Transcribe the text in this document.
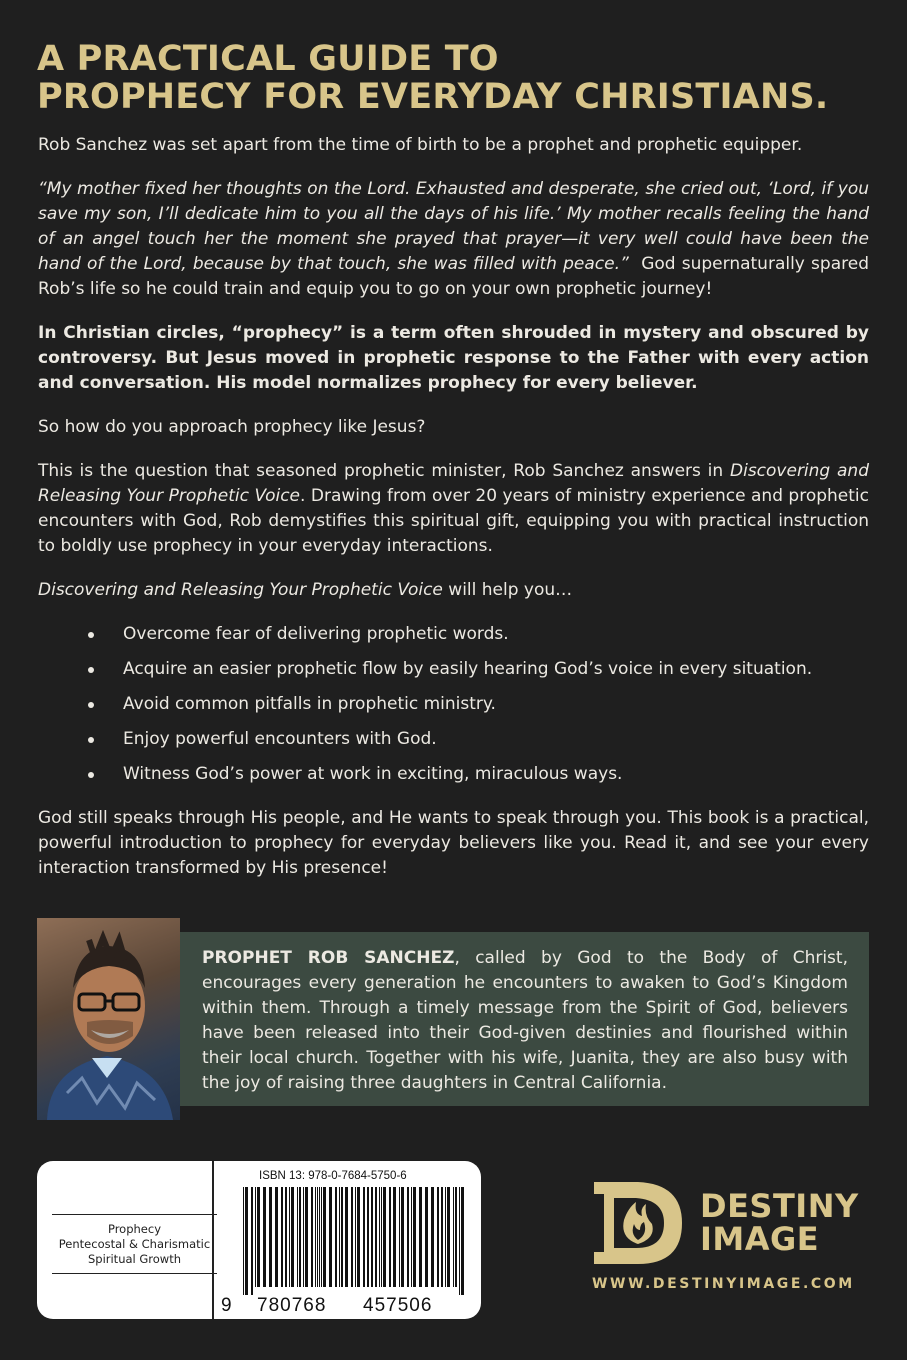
A PRACTICAL GUIDE TO
PROPHECY FOR EVERYDAY CHRISTIANS.

Rob Sanchez was set apart from the time of birth to be a prophet and prophetic equipper.

“My mother fixed her thoughts on the Lord. Exhausted and desperate, she cried out, ‘Lord, if you save my son, I’ll dedicate him to you all the days of his life.’ My mother recalls feeling the hand of an angel touch her the moment she prayed that prayer—it very well could have been the hand of the Lord, because by that touch, she was filled with peace.” God supernaturally spared Rob’s life so he could train and equip you to go on your own prophetic journey!

In Christian circles, “prophecy” is a term often shrouded in mystery and obscured by controversy. But Jesus moved in prophetic response to the Father with every action and conversation. His model normalizes prophecy for every believer.

So how do you approach prophecy like Jesus?

This is the question that seasoned prophetic minister, Rob Sanchez answers in Discovering and Releasing Your Prophetic Voice. Drawing from over 20 years of ministry experience and prophetic encounters with God, Rob demystifies this spiritual gift, equipping you with practical instruction to boldly use prophecy in your everyday interactions.

Discovering and Releasing Your Prophetic Voice will help you…

Overcome fear of delivering prophetic words.
Acquire an easier prophetic flow by easily hearing God’s voice in every situation.
Avoid common pitfalls in prophetic ministry.
Enjoy powerful encounters with God.
Witness God’s power at work in exciting, miraculous ways.

God still speaks through His people, and He wants to speak through you. This book is a practical, powerful introduction to prophecy for everyday believers like you. Read it, and see your every interaction transformed by His presence!

PROPHET ROB SANCHEZ, called by God to the Body of Christ, encourages every generation he encounters to awaken to God’s Kingdom within them. Through a timely message from the Spirit of God, believers have been released into their God-given destinies and flourished within their local church. Together with his wife, Juanita, they are also busy with the joy of raising three daughters in Central California.
Prophecy
Pentecostal & Charismatic
Spiritual Growth
ISBN 13: 978-0-7684-5750-6
9 780768 457506
DESTINY
IMAGE
WWW.DESTINYIMAGE.COM
